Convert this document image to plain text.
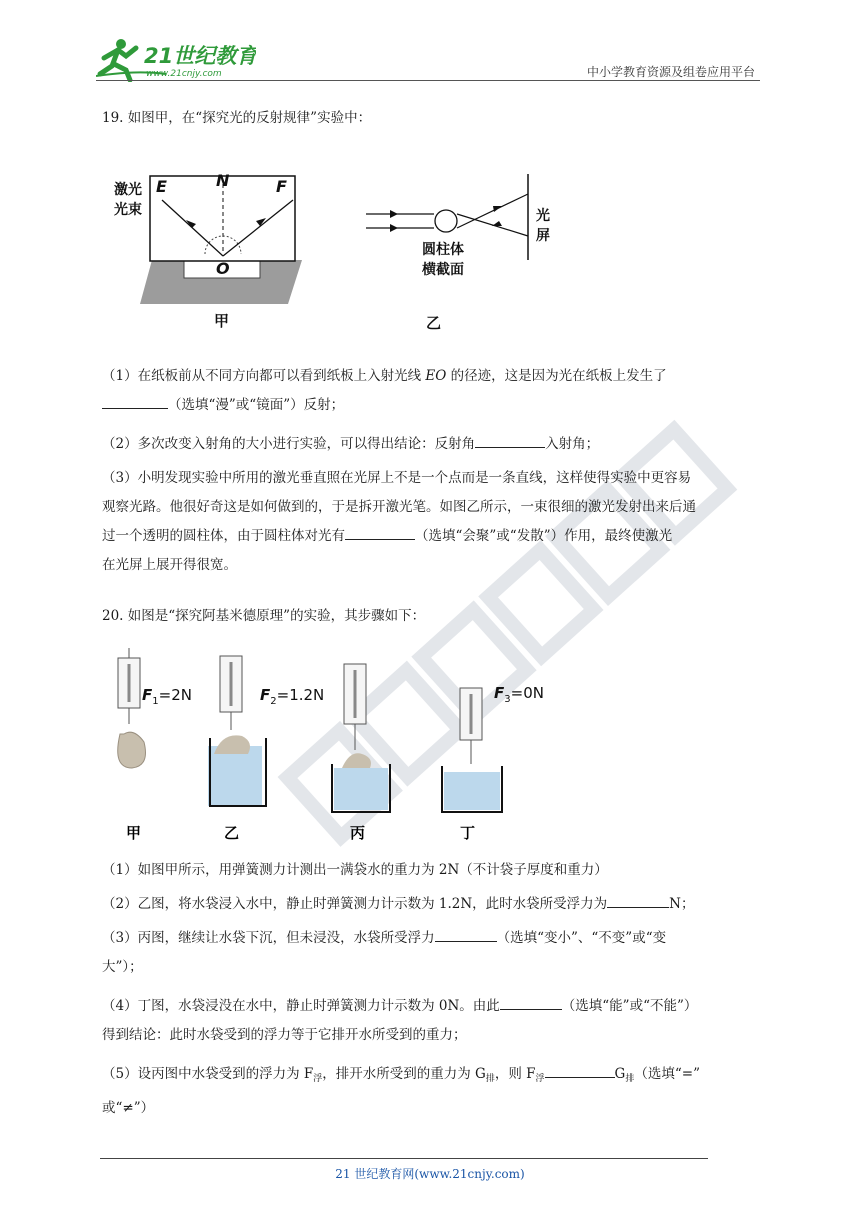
21世纪教育
www.21cnjy.com	中小学教育资源及组卷应用平台
19. 如图甲，在“探究光的反射规律”实验中：
激光
光束
E	N	F
O
甲
光
屏
圆柱体
横截面
乙
（1）在纸板前从不同方向都可以看到纸板上入射光线 EO 的径迹，这是因为光在纸板上发生了
（选填“漫”或“镜面”）反射；
（2）多次改变入射角的大小进行实验，可以得出结论：反射角	入射角；
（3）小明发现实验中所用的激光垂直照在光屏上不是一个点而是一条直线，这样使得实验中更容易
观察光路。他很好奇这是如何做到的，于是拆开激光笔。如图乙所示，一束很细的激光发射出来后通
过一个透明的圆柱体，由于圆柱体对光有	（选填“会聚”或“发散”）作用，最终使激光
在光屏上展开得很宽。
20. 如图是“探究阿基米德原理”的实验，其步骤如下：
$F_1=2N$	$F_2=1.2N$	$F_3=0N$
甲	乙	丙	丁
（1）如图甲所示，用弹簧测力计测出一满袋水的重力为 2N（不计袋子厚度和重力）
（2）乙图，将水袋浸入水中，静止时弹簧测力计示数为 1.2N，此时水袋所受浮力为	N；
（3）丙图，继续让水袋下沉，但未浸没，水袋所受浮力	（选填“变小”、“不变”或“变
大”）；
（4）丁图，水袋浸没在水中，静止时弹簧测力计示数为 0N。由此	（选填“能”或“不能”）
得到结论：此时水袋受到的浮力等于它排开水所受到的重力；
（5）设丙图中水袋受到的浮力为 $F_浮$，排开水所受到的重力为 $G_排$，则 $F_浮$	$G_排$（选填“=”
或“≠”）
21 世纪教育网(www.21cnjy.com)
